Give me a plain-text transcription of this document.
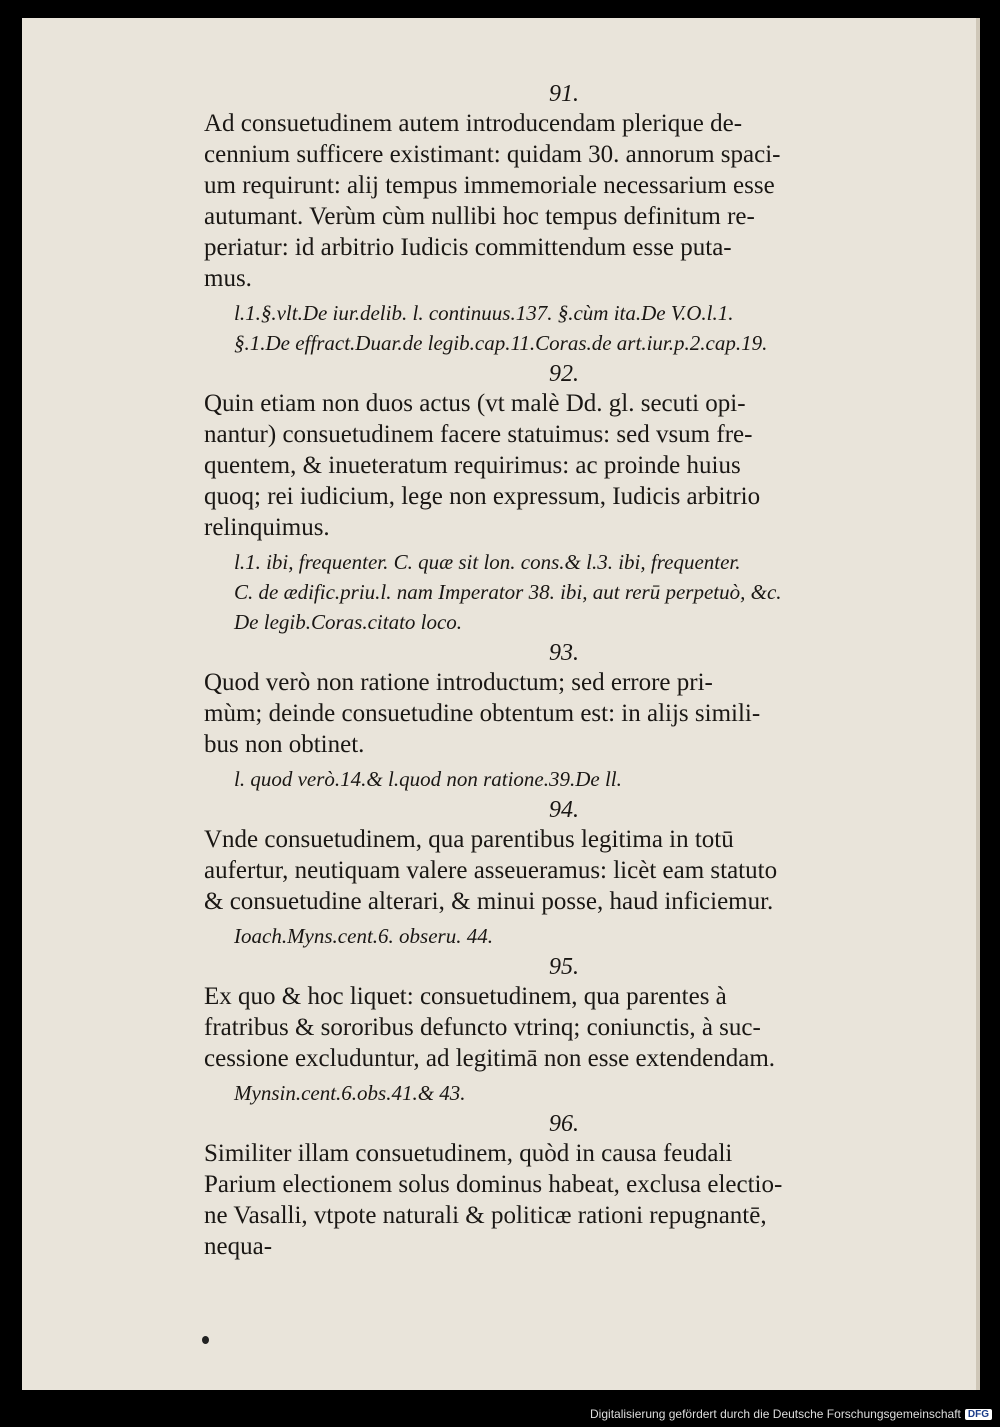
91.

Ad consuetudinem autem introducendam plerique de-

cennium sufficere existimant: quidam 30. annorum spaci-

um requirunt: alij tempus immemoriale necessarium esse

autumant. Verùm cùm nullibi hoc tempus definitum re-

periatur: id arbitrio Iudicis committendum esse puta-

mus.

l.1.§.vlt.De iur.delib. l. continuus.137. §.cùm ita.De V.O.l.1.
§.1.De effract.Duar.de legib.cap.11.Coras.de art.iur.p.2.cap.19.
92.

Quin etiam non duos actus (vt malè Dd. gl. secuti opi-

nantur) consuetudinem facere statuimus: sed vsum fre-

quentem, & inueteratum requirimus: ac proinde huius

quoq; rei iudicium, lege non expressum, Iudicis arbitrio

relinquimus.

l.1. ibi, frequenter. C. quæ sit lon. cons.& l.3. ibi, frequenter.
C. de ædific.priu.l. nam Imperator 38. ibi, aut rerū perpetuò, &c.
De legib.Coras.citato loco.
93.

Quod verò non ratione introductum; sed errore pri-

mùm; deinde consuetudine obtentum est: in alijs simili-

bus non obtinet.

l. quod verò.14.& l.quod non ratione.39.De ll.
94.

Vnde consuetudinem, qua parentibus legitima in totū

aufertur, neutiquam valere asseueramus: licèt eam statuto

& consuetudine alterari, & minui posse, haud inficiemur.

Ioach.Myns.cent.6. obseru. 44.
95.

Ex quo & hoc liquet: consuetudinem, qua parentes à

fratribus & sororibus defuncto vtrinq; coniunctis, à suc-

cessione excluduntur, ad legitimā non esse extendendam.

Mynsin.cent.6.obs.41.& 43.
96.

Similiter illam consuetudinem, quòd in causa feudali

Parium electionem solus dominus habeat, exclusa electio-

ne Vasalli, vtpote naturali & politicæ rationi repugnantē,

nequa-

Digitalisierung gefördert durch die Deutsche Forschungsgemeinschaft DFG
